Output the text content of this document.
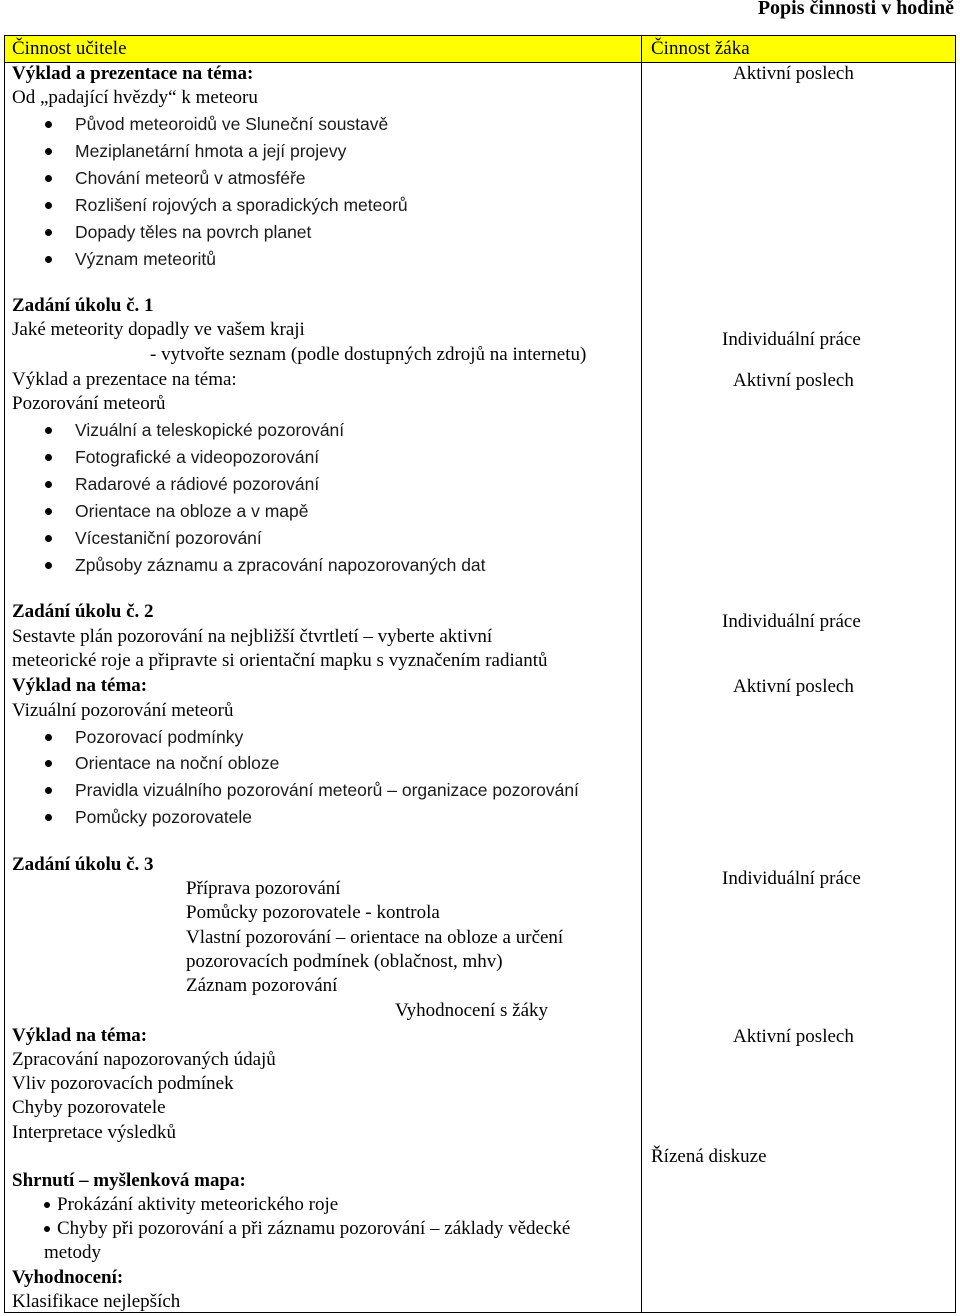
Popis činnosti v hodině
Činnost učitele	Činnost žáka
Výklad a prezentace na téma:
Od „padající hvězdy“ k meteoru
Původ meteoroidů ve Sluneční soustavě
Meziplanetární hmota a její projevy
Chování meteorů v atmosféře
Rozlišení rojových a sporadických meteorů
Dopady těles na povrch planet
Význam meteoritů
Aktivní poslech
Zadání úkolu č. 1
Jaké meteority dopadly ve vašem kraji
- vytvořte seznam (podle dostupných zdrojů na internetu)
Individuální práce
Výklad a prezentace na téma:
Pozorování meteorů
Vizuální a teleskopické pozorování
Fotografické a videopozorování
Radarové a rádiové pozorování
Orientace na obloze a v mapě
Vícestaniční pozorování
Způsoby záznamu a zpracování napozorovaných dat
Aktivní poslech
Zadání úkolu č. 2
Sestavte plán pozorování na nejbližší čtvrtletí – vyberte aktivní
meteorické roje a připravte si orientační mapku s vyznačením radiantů
Individuální práce
Výklad na téma:
Vizuální pozorování meteorů
Pozorovací podmínky
Orientace na noční obloze
Pravidla vizuálního pozorování meteorů – organizace pozorování
Pomůcky pozorovatele
Aktivní poslech
Zadání úkolu č. 3
Příprava pozorování
Pomůcky pozorovatele - kontrola
Vlastní pozorování – orientace na obloze a určení
pozorovacích podmínek (oblačnost, mhv)
Záznam pozorování
Vyhodnocení s žáky
Individuální práce
Výklad na téma:
Zpracování napozorovaných údajů
Vliv pozorovacích podmínek
Chyby pozorovatele
Interpretace výsledků
Aktivní poslech
Shrnutí – myšlenková mapa:
Prokázání aktivity meteorického roje
Chyby při pozorování a při záznamu pozorování – základy vědecké
metody
Řízená diskuze
Vyhodnocení:
Klasifikace nejlepších
